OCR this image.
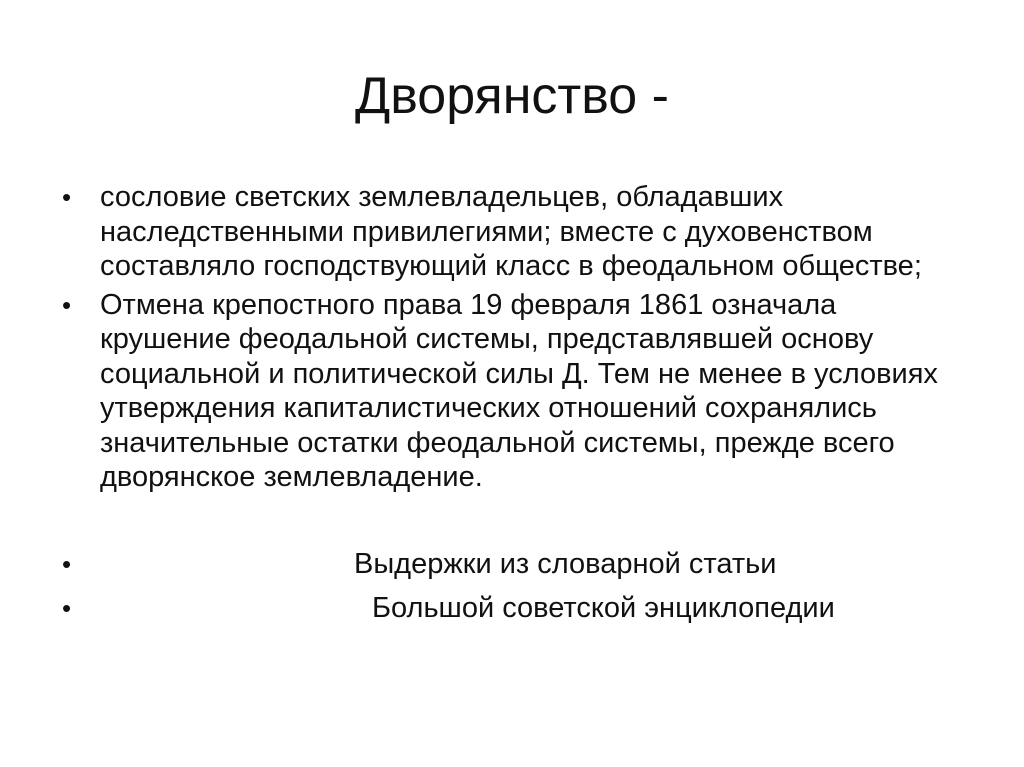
Дворянство -
• сословие светских землевладельцев, обладавших наследственными привилегиями; вместе с духовенством составляло господствующий класс в феодальном обществе;
• Отмена крепостного права 19 февраля 1861 означала крушение феодальной системы, представлявшей основу социальной и политической силы Д. Тем не менее в условиях утверждения капиталистических отношений сохранялись значительные остатки феодальной системы, прежде всего дворянское землевладение.
•	Выдержки из словарной статьи
•	Большой советской энциклопедии
